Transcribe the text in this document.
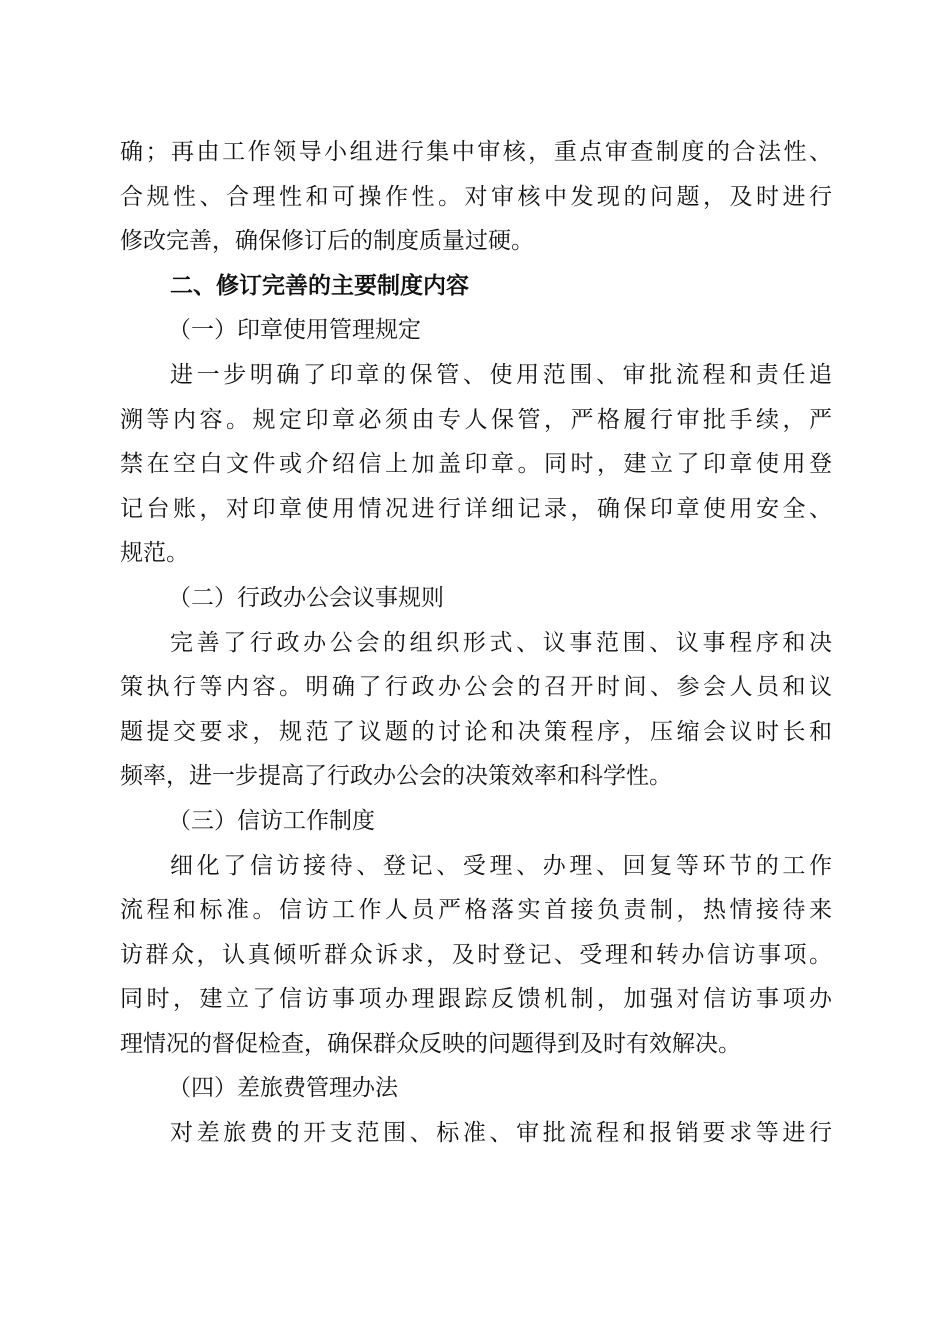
确；再由工作领导小组进行集中审核，重点审查制度的合法性、
合规性、合理性和可操作性。对审核中发现的问题，及时进行
修改完善，确保修订后的制度质量过硬。
二、修订完善的主要制度内容
（一）印章使用管理规定
进一步明确了印章的保管、使用范围、审批流程和责任追
溯等内容。规定印章必须由专人保管，严格履行审批手续，严
禁在空白文件或介绍信上加盖印章。同时，建立了印章使用登
记台账，对印章使用情况进行详细记录，确保印章使用安全、
规范。
（二）行政办公会议事规则
完善了行政办公会的组织形式、议事范围、议事程序和决
策执行等内容。明确了行政办公会的召开时间、参会人员和议
题提交要求，规范了议题的讨论和决策程序，压缩会议时长和
频率，进一步提高了行政办公会的决策效率和科学性。
（三）信访工作制度
细化了信访接待、登记、受理、办理、回复等环节的工作
流程和标准。信访工作人员严格落实首接负责制，热情接待来
访群众，认真倾听群众诉求，及时登记、受理和转办信访事项。
同时，建立了信访事项办理跟踪反馈机制，加强对信访事项办
理情况的督促检查，确保群众反映的问题得到及时有效解决。
（四）差旅费管理办法
对差旅费的开支范围、标准、审批流程和报销要求等进行
